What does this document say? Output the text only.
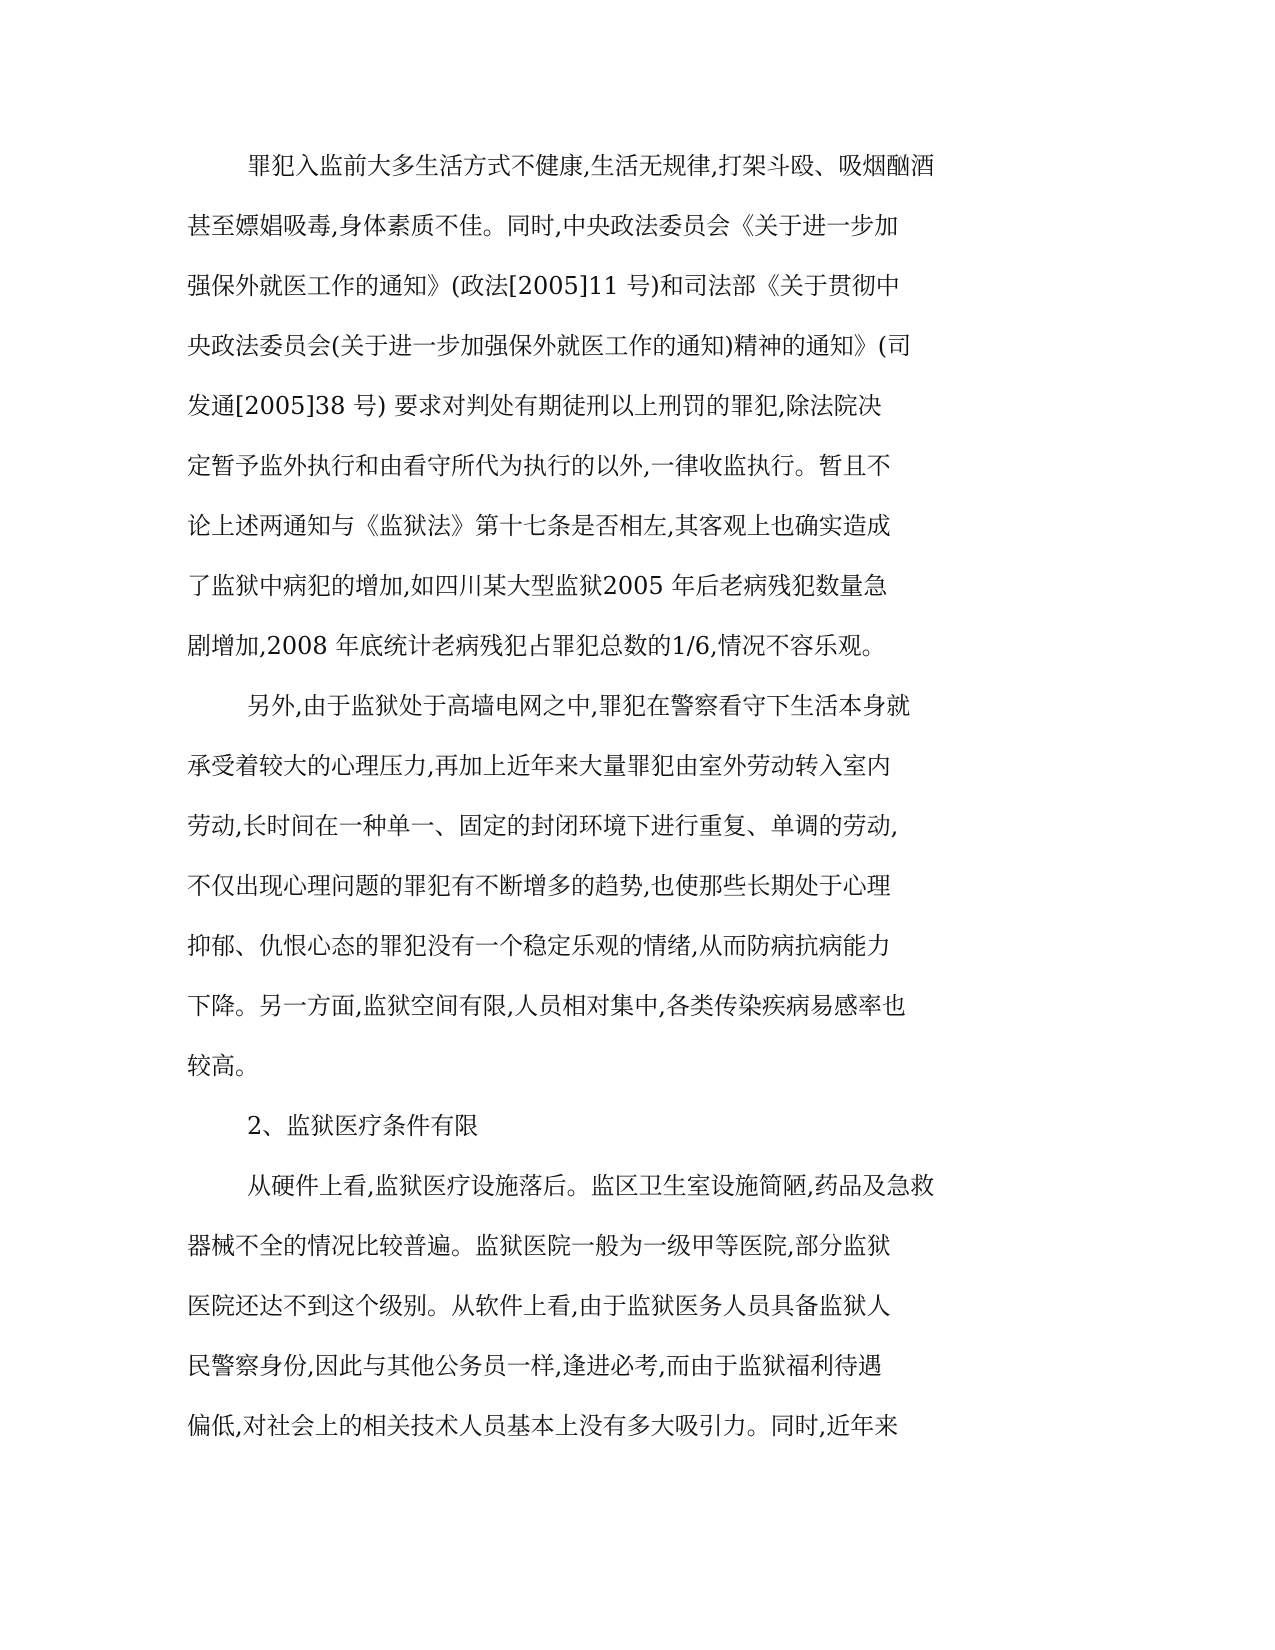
罪犯入监前大多生活方式不健康,生活无规律,打架斗殴、吸烟酗酒

甚至嫖娼吸毒,身体素质不佳。同时,中央政法委员会《关于进一步加

强保外就医工作的通知》(政法[2005]11 号)和司法部《关于贯彻中

央政法委员会(关于进一步加强保外就医工作的通知)精神的通知》(司

发通[2005]38 号) 要求对判处有期徒刑以上刑罚的罪犯,除法院决

定暂予监外执行和由看守所代为执行的以外,一律收监执行。暂且不

论上述两通知与《监狱法》第十七条是否相左,其客观上也确实造成

了监狱中病犯的增加,如四川某大型监狱2005 年后老病残犯数量急

剧增加,2008 年底统计老病残犯占罪犯总数的1/6,情况不容乐观。

另外,由于监狱处于高墙电网之中,罪犯在警察看守下生活本身就

承受着较大的心理压力,再加上近年来大量罪犯由室外劳动转入室内

劳动,长时间在一种单一、固定的封闭环境下进行重复、单调的劳动,

不仅出现心理问题的罪犯有不断增多的趋势,也使那些长期处于心理

抑郁、仇恨心态的罪犯没有一个稳定乐观的情绪,从而防病抗病能力

下降。另一方面,监狱空间有限,人员相对集中,各类传染疾病易感率也

较高。

2、监狱医疗条件有限

从硬件上看,监狱医疗设施落后。监区卫生室设施简陋,药品及急救

器械不全的情况比较普遍。监狱医院一般为一级甲等医院,部分监狱

医院还达不到这个级别。从软件上看,由于监狱医务人员具备监狱人

民警察身份,因此与其他公务员一样,逢进必考,而由于监狱福利待遇

偏低,对社会上的相关技术人员基本上没有多大吸引力。同时,近年来
